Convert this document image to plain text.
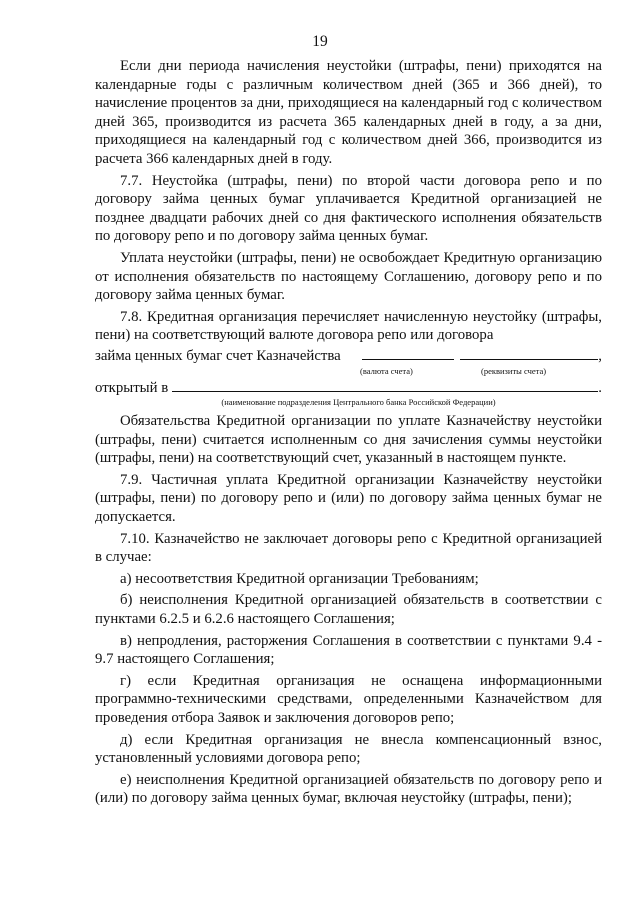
19

Если дни периода начисления неустойки (штрафы, пени) приходятся на календарные годы с различным количеством дней (365 и 366 дней), то начисление процентов за дни, приходящиеся на календарный год с количеством дней 365, производится из расчета 365 календарных дней в году, а за дни, приходящиеся на календарный год с количеством дней 366, производится из расчета 366 календарных дней в году.

7.7. Неустойка (штрафы, пени) по второй части договора репо и по договору займа ценных бумаг уплачивается Кредитной организацией не позднее двадцати рабочих дней со дня фактического исполнения обязательств по договору репо и по договору займа ценных бумаг.

Уплата неустойки (штрафы, пени) не освобождает Кредитную организацию от исполнения обязательств по настоящему Соглашению, договору репо и по договору займа ценных бумаг.

7.8. Кредитная организация перечисляет начисленную неустойку (штрафы, пени) на соответствующий валюте договора репо или договора

займа ценных бумаг счет Казначейства	,
(валюта счета)	(реквизиты счета)
открытый в	.
(наименование подразделения Центрального банка Российской Федерации)

Обязательства Кредитной организации по уплате Казначейству неустойки (штрафы, пени) считается исполненным со дня зачисления суммы неустойки (штрафы, пени) на соответствующий счет, указанный в настоящем пункте.

7.9. Частичная уплата Кредитной организации Казначейству неустойки (штрафы, пени) по договору репо и (или) по договору займа ценных бумаг не допускается.

7.10. Казначейство не заключает договоры репо с Кредитной организацией в случае:

а) несоответствия Кредитной организации Требованиям;

б) неисполнения Кредитной организацией обязательств в соответствии с пунктами 6.2.5 и 6.2.6 настоящего Соглашения;

в) непродления, расторжения Соглашения в соответствии с пунктами 9.4 - 9.7 настоящего Соглашения;

г) если Кредитная организация не оснащена информационными программно-техническими средствами, определенными Казначейством для проведения отбора Заявок и заключения договоров репо;

д) если Кредитная организация не внесла компенсационный взнос, установленный условиями договора репо;

е) неисполнения Кредитной организацией обязательств по договору репо и (или) по договору займа ценных бумаг, включая неустойку (штрафы, пени);
